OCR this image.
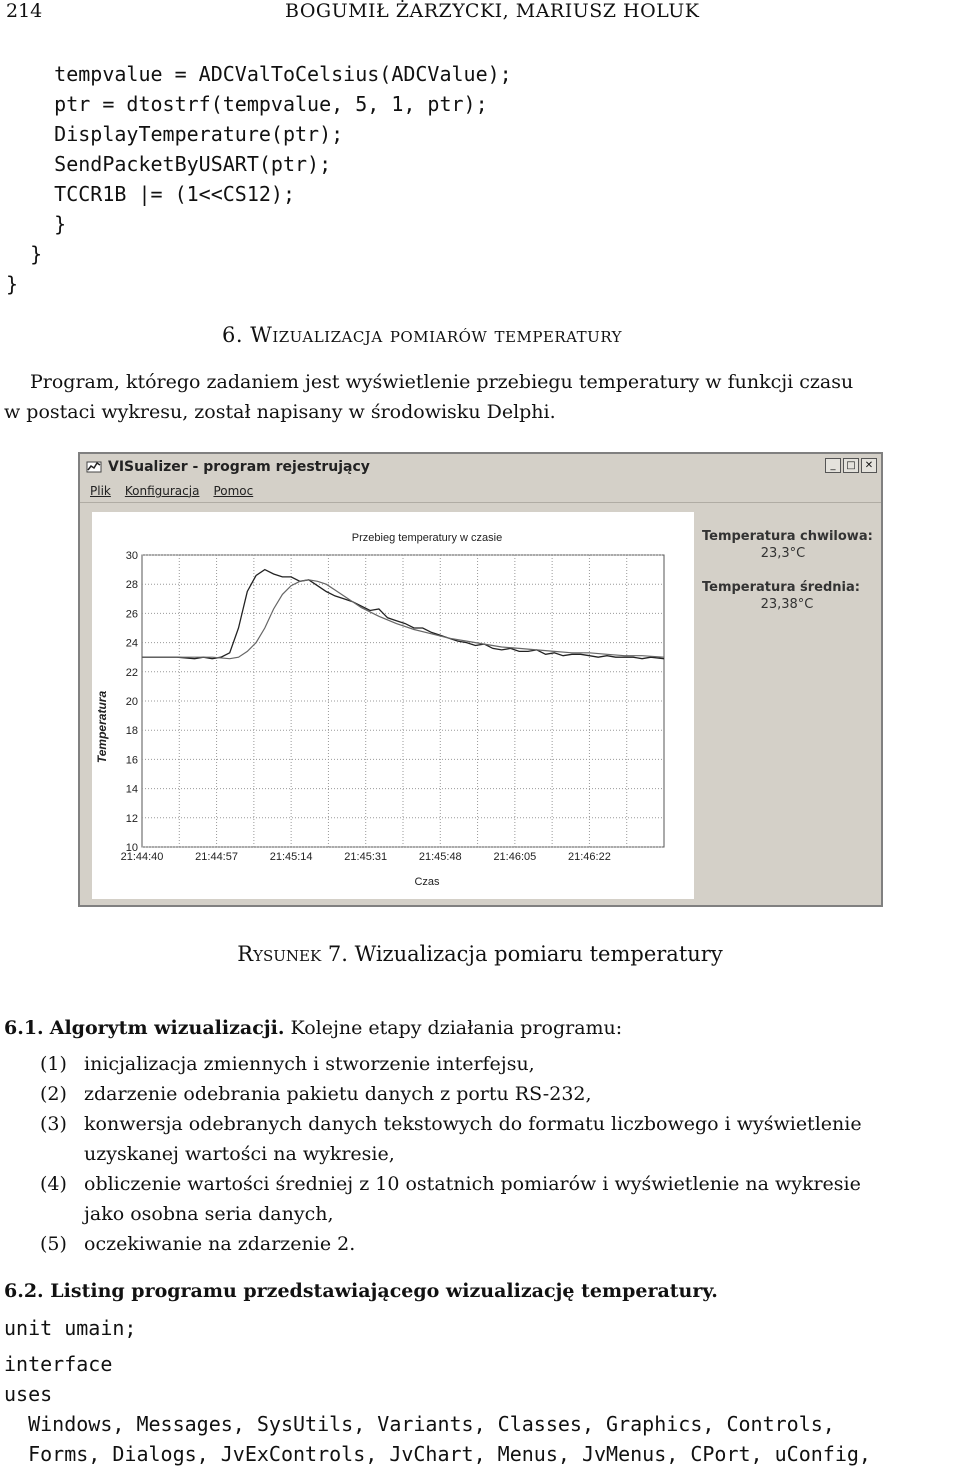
214	BOGUMIŁ ŻARZYCKI, MARIUSZ HOLUK
tempvalue = ADCValToCelsius(ADCValue);
ptr = dtostrf(tempvalue, 5, 1, ptr);
DisplayTemperature(ptr);
SendPacketByUSART(ptr);
TCCR1B |= (1<<CS12);
}
}
}
6. Wizualizacja pomiarów temperatury
Program, którego zadaniem jest wyświetlenie przebiegu temperatury w funkcji czasu
w postaci wykresu, został napisany w środowisku Delphi.
VISualizer - program rejestrujący	_	□ ✕
Plik Konfiguracja Pomoc
Przebieg temperatury w czasie
Czas
Temperatura
10
12
14
16
18
20
22
24
26
28
30
21:44:40	21:44:57	21:45:14	21:45:31	21:45:48	21:46:05	21:46:22
Temperatura chwilowa:
23,3°C
Temperatura średnia:
23,38°C
Rysunek 7. Wizualizacja pomiaru temperatury
6.1. Algorytm wizualizacji. Kolejne etapy działania programu:
(1) inicjalizacja zmiennych i stworzenie interfejsu,
(2) zdarzenie odebrania pakietu danych z portu RS-232,
(3) konwersja odebranych danych tekstowych do formatu liczbowego i wyświetlenie
uzyskanej wartości na wykresie,
(4) obliczenie wartości średniej z 10 ostatnich pomiarów i wyświetlenie na wykresie
jako osobna seria danych,
(5) oczekiwanie na zdarzenie 2.
6.2. Listing programu przedstawiającego wizualizację temperatury.
unit umain;
interface
uses
Windows, Messages, SysUtils, Variants, Classes, Graphics, Controls,
Forms, Dialogs, JvExControls, JvChart, Menus, JvMenus, CPort, uConfig,
